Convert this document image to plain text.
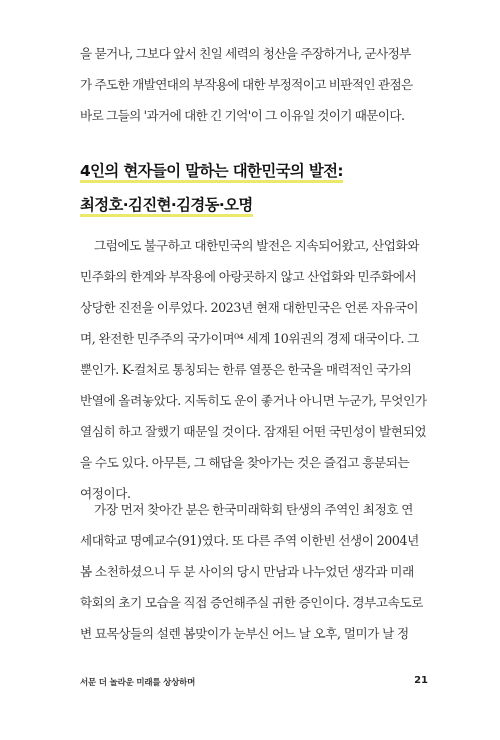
을 묻거나, 그보다 앞서 친일 세력의 청산을 주장하거나, 군사정부
가 주도한 개발연대의 부작용에 대한 부정적이고 비판적인 관점은
바로 그들의 '과거에 대한 긴 기억'이 그 이유일 것이기 때문이다.
4인의 현자들이 말하는 대한민국의 발전:
최정호·김진현·김경동·오명
그럼에도 불구하고 대한민국의 발전은 지속되어왔고, 산업화와
민주화의 한계와 부작용에 아랑곳하지 않고 산업화와 민주화에서
상당한 진전을 이루었다. 2023년 현재 대한민국은 언론 자유국이
며, 완전한 민주주의 국가이며⁰⁴ 세계 10위권의 경제 대국이다. 그
뿐인가. K-컬처로 통칭되는 한류 열풍은 한국을 매력적인 국가의
반열에 올려놓았다. 지독히도 운이 좋거나 아니면 누군가, 무엇인가
열심히 하고 잘했기 때문일 것이다. 잠재된 어떤 국민성이 발현되었
을 수도 있다. 아무튼, 그 해답을 찾아가는 것은 즐겁고 흥분되는
여정이다.
가장 먼저 찾아간 분은 한국미래학회 탄생의 주역인 최정호 연
세대학교 명예교수(91)였다. 또 다른 주역 이한빈 선생이 2004년
봄 소천하셨으니 두 분 사이의 당시 만남과 나누었던 생각과 미래
학회의 초기 모습을 직접 증언해주실 귀한 증인이다. 경부고속도로
변 묘목상들의 설렌 봄맞이가 눈부신 어느 날 오후, 멀미가 날 정
서문 더 놀라운 미래를 상상하며	21
